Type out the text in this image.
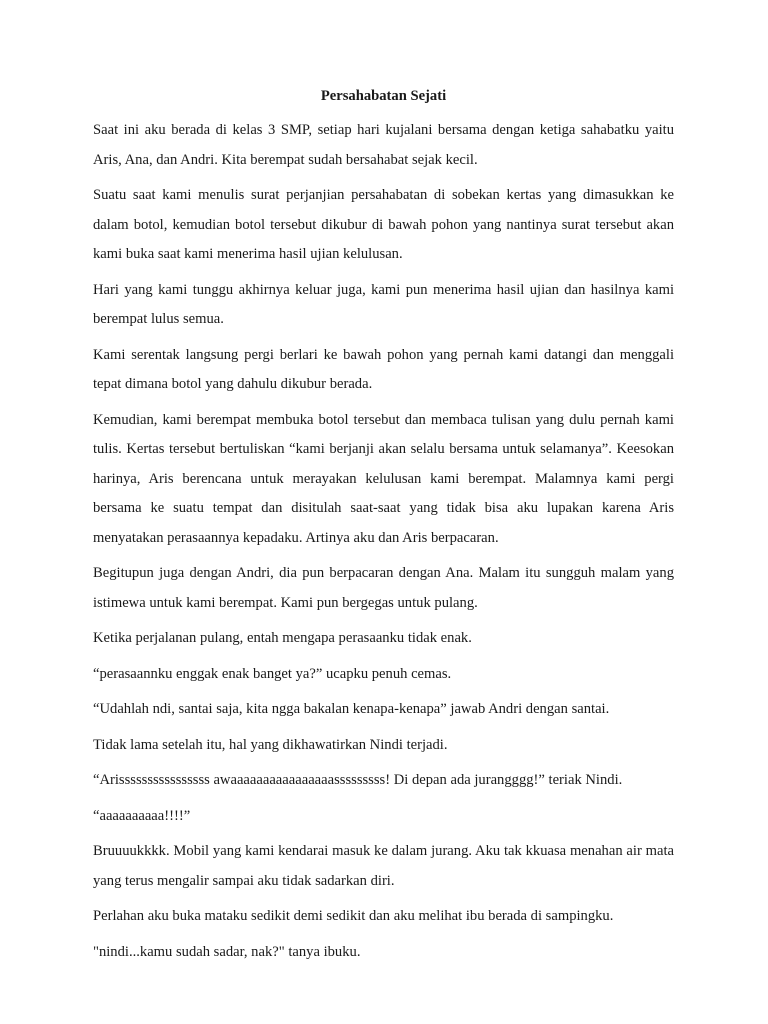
Persahabatan Sejati

Saat ini aku berada di kelas 3 SMP, setiap hari kujalani bersama dengan ketiga sahabatku yaitu Aris, Ana, dan Andri. Kita berempat sudah bersahabat sejak kecil.

Suatu saat kami menulis surat perjanjian persahabatan di sobekan kertas yang dimasukkan ke dalam botol, kemudian botol tersebut dikubur di bawah pohon yang nantinya surat tersebut akan kami buka saat kami menerima hasil ujian kelulusan.

Hari yang kami tunggu akhirnya keluar juga, kami pun menerima hasil ujian dan hasilnya kami berempat lulus semua.

Kami serentak langsung pergi berlari ke bawah pohon yang pernah kami datangi dan menggali tepat dimana botol yang dahulu dikubur berada.

Kemudian, kami berempat membuka botol tersebut dan membaca tulisan yang dulu pernah kami tulis. Kertas tersebut bertuliskan “kami berjanji akan selalu bersama untuk selamanya”. Keesokan harinya, Aris berencana untuk merayakan kelulusan kami berempat. Malamnya kami pergi bersama ke suatu tempat dan disitulah saat-saat yang tidak bisa aku lupakan karena Aris menyatakan perasaannya kepadaku. Artinya aku dan Aris berpacaran.

Begitupun juga dengan Andri, dia pun berpacaran dengan Ana. Malam itu sungguh malam yang istimewa untuk kami berempat. Kami pun bergegas untuk pulang.

Ketika perjalanan pulang, entah mengapa perasaanku tidak enak.

“perasaannku enggak enak banget ya?” ucapku penuh cemas.

“Udahlah ndi, santai saja, kita ngga bakalan kenapa-kenapa” jawab Andri dengan santai.

Tidak lama setelah itu, hal yang dikhawatirkan Nindi terjadi.

“Arissssssssssssssss awaaaaaaaaaaaaaaaasssssssss! Di depan ada jurangggg!” teriak Nindi.

“aaaaaaaaaa!!!!”

Bruuuukkkk. Mobil yang kami kendarai masuk ke dalam jurang. Aku tak kkuasa menahan air mata yang terus mengalir sampai aku tidak sadarkan diri.

Perlahan aku buka mataku sedikit demi sedikit dan aku melihat ibu berada di sampingku.

"nindi...kamu sudah sadar, nak?" tanya ibuku.
